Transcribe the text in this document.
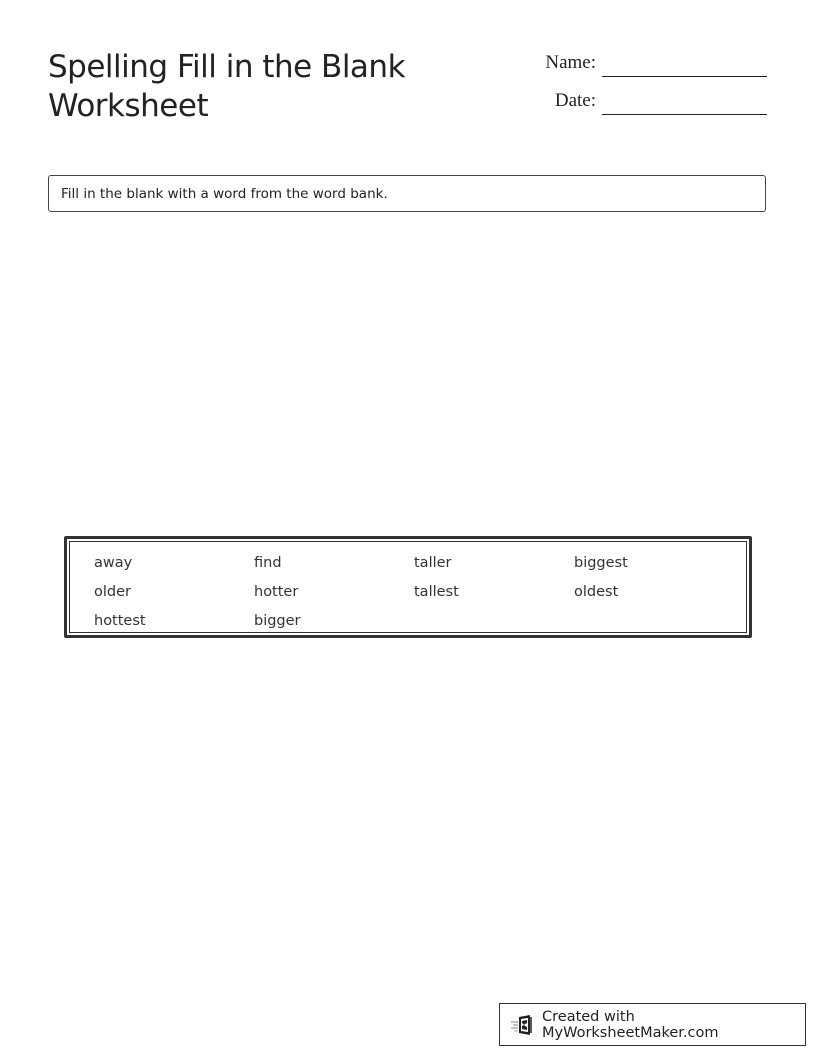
Spelling Fill in the Blank Worksheet
Name:
Date:
Fill in the blank with a word from the word bank.
away	find	taller	biggest
older	hotter	tallest	oldest
hottest	bigger
Created with MyWorksheetMaker.com
